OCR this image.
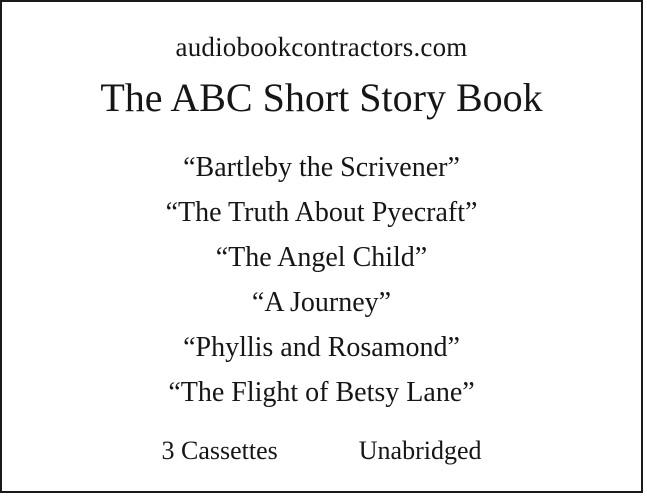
audiobookcontractors.com
The ABC Short Story Book
“Bartleby the Scrivener”
“The Truth About Pyecraft”
“The Angel Child”
“A Journey”
“Phyllis and Rosamond”
“The Flight of Betsy Lane”
3 Cassettes	Unabridged
